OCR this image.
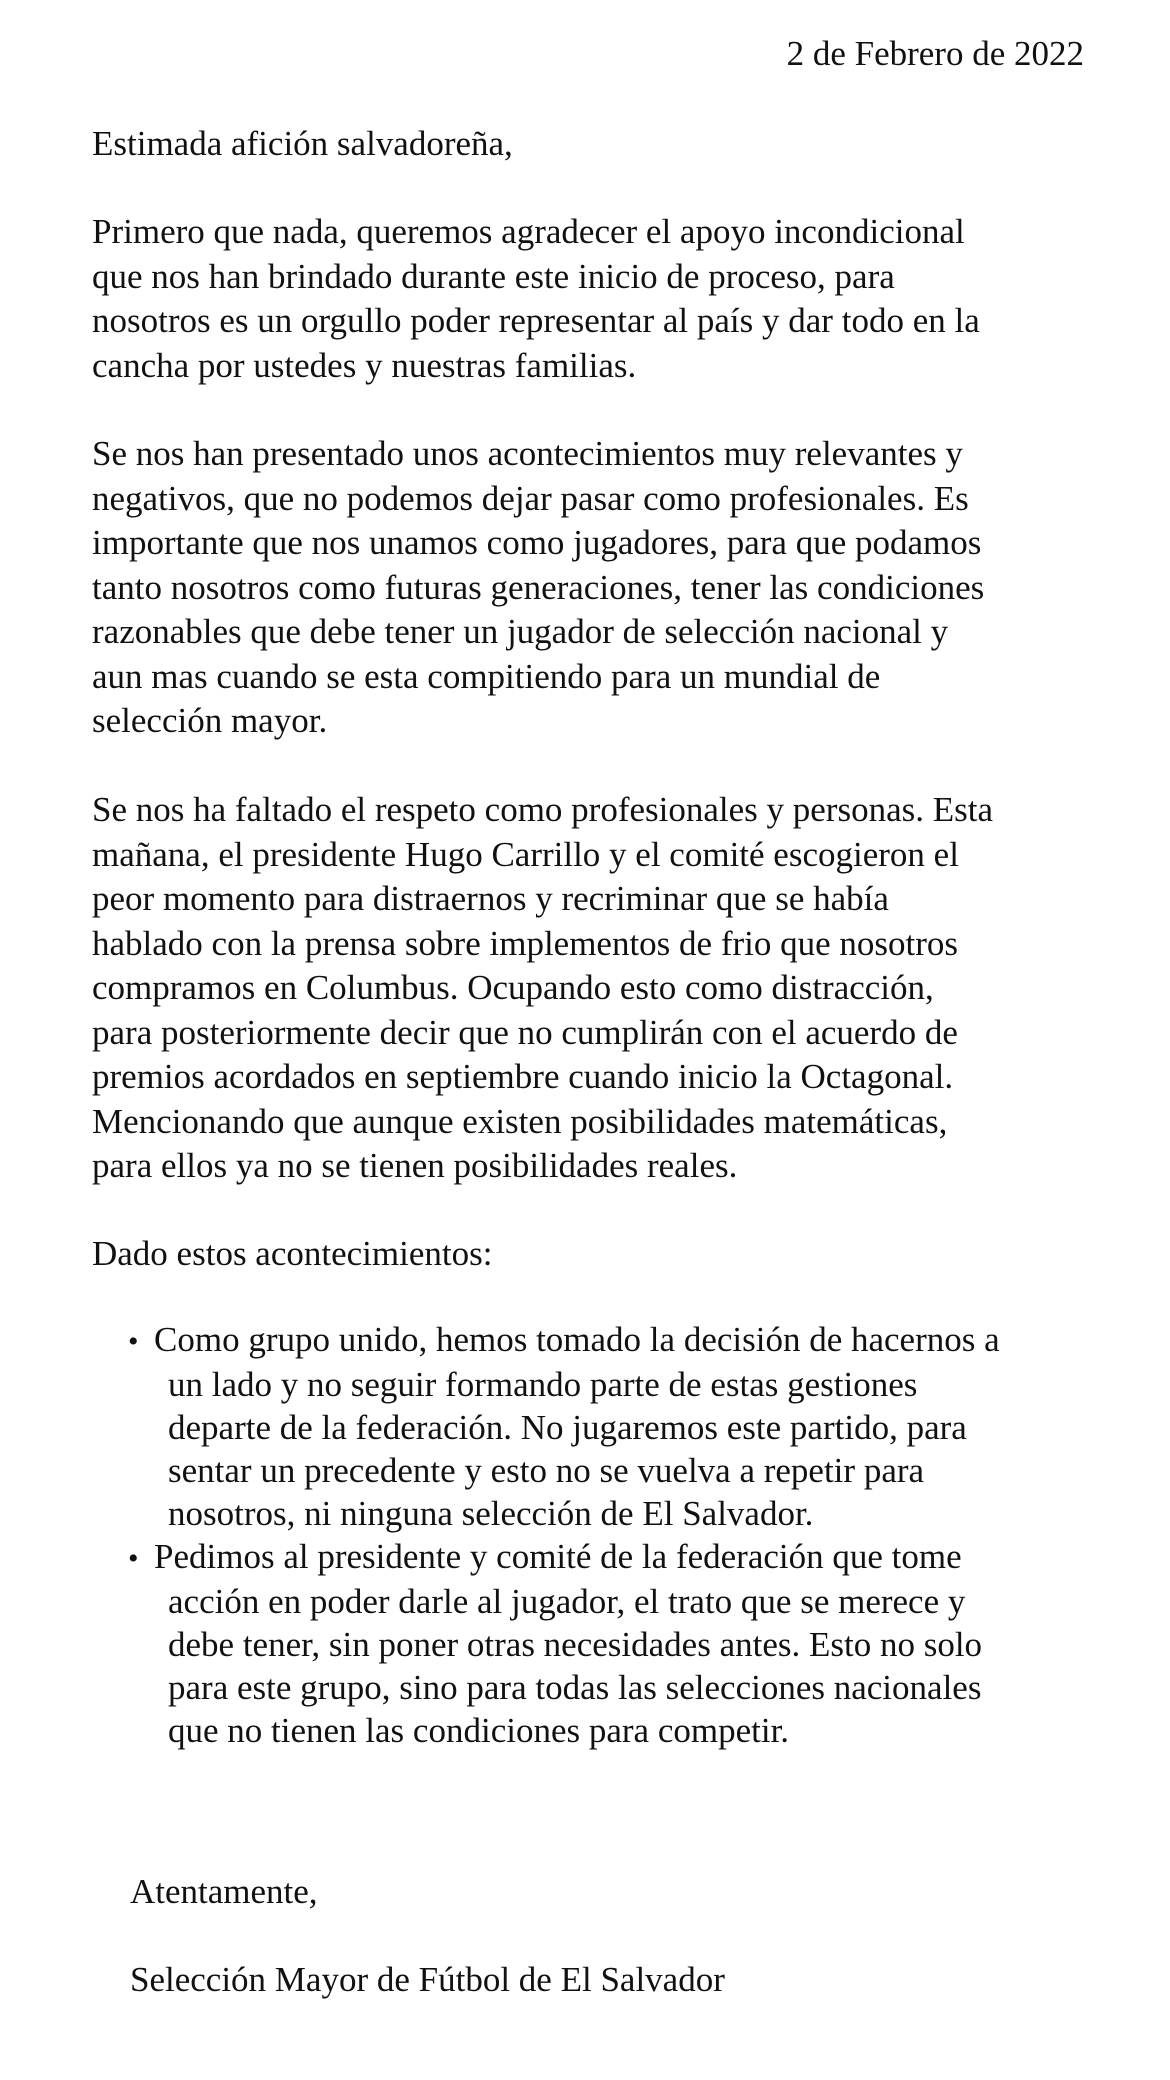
2 de Febrero de 2022
Estimada afición salvadoreña,
Primero que nada, queremos agradecer el apoyo incondicional
que nos han brindado durante este inicio de proceso, para
nosotros es un orgullo poder representar al país y dar todo en la
cancha por ustedes y nuestras familias.
Se nos han presentado unos acontecimientos muy relevantes y
negativos, que no podemos dejar pasar como profesionales. Es
importante que nos unamos como jugadores, para que podamos
tanto nosotros como futuras generaciones, tener las condiciones
razonables que debe tener un jugador de selección nacional y
aun mas cuando se esta compitiendo para un mundial de
selección mayor.
Se nos ha faltado el respeto como profesionales y personas. Esta
mañana, el presidente Hugo Carrillo y el comité escogieron el
peor momento para distraernos y recriminar que se había
hablado con la prensa sobre implementos de frio que nosotros
compramos en Columbus. Ocupando esto como distracción,
para posteriormente decir que no cumplirán con el acuerdo de
premios acordados en septiembre cuando inicio la Octagonal.
Mencionando que aunque existen posibilidades matemáticas,
para ellos ya no se tienen posibilidades reales.
Dado estos acontecimientos:
• Como grupo unido, hemos tomado la decisión de hacernos a
un lado y no seguir formando parte de estas gestiones
departe de la federación. No jugaremos este partido, para
sentar un precedente y esto no se vuelva a repetir para
nosotros, ni ninguna selección de El Salvador.
• Pedimos al presidente y comité de la federación que tome
acción en poder darle al jugador, el trato que se merece y
debe tener, sin poner otras necesidades antes. Esto no solo
para este grupo, sino para todas las selecciones nacionales
que no tienen las condiciones para competir.
Atentamente,
Selección Mayor de Fútbol de El Salvador
